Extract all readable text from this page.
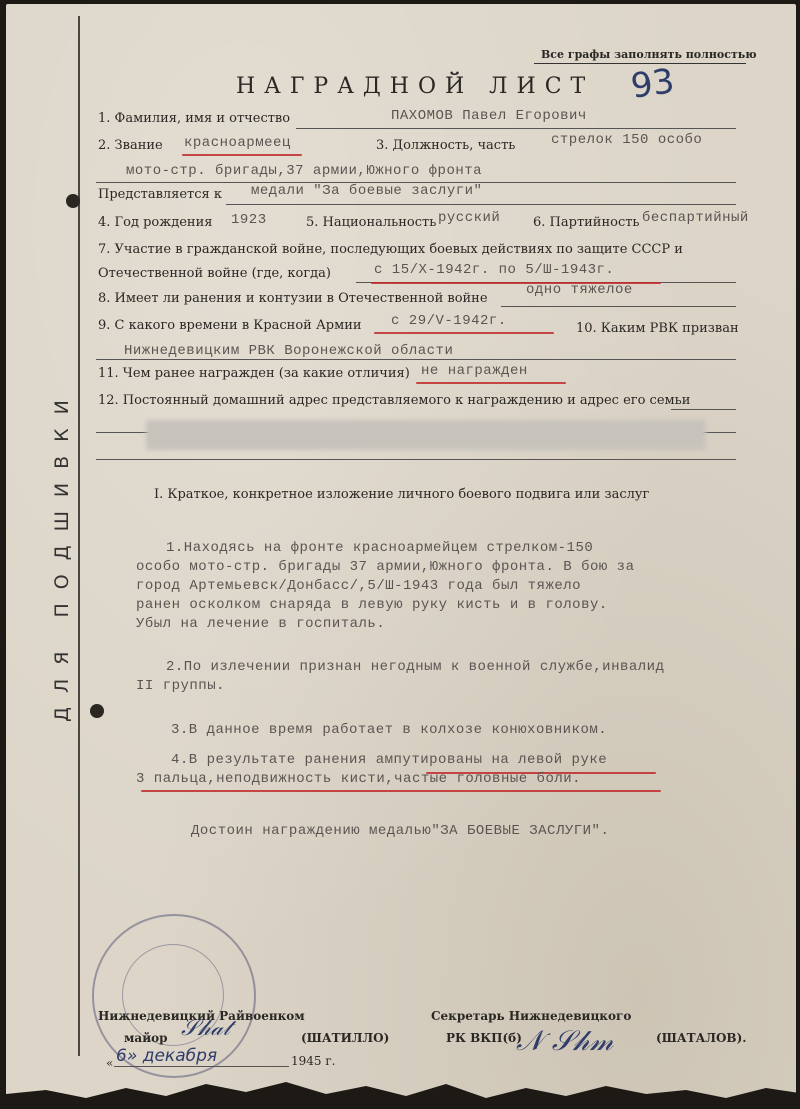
ДЛЯ ПОДШИВКИ
Все графы заполнять полностью
НАГРАДНОЙ ЛИСТ 93
1. Фамилия, имя и отчество	ПАХОМОВ Павел Егорович
2. Звание красноармеец	3. Должность, часть	стрелок 150 особо
мото-стр. бригады,37 армии,Южного фронта
Представляется к медали "За боевые заслуги"
4. Год рождения 1923	5. Национальность русский	6. Партийность беспартийный
7. Участие в гражданской войне, последующих боевых действиях по защите СССР и
Отечественной войне (где, когда)	с 15/Х-1942г. по 5/Ш-1943г.
8. Имеет ли ранения и контузии в Отечественной войне
одно тяжелое
9. С какого времени в Красной Армии с 29/V-1942г.	10. Каким РВК призван
Нижнедевицким РВК Воронежской области
11. Чем ранее награжден (за какие отличия) не награжден
12. Постоянный домашний адрес представляемого к награждению и адрес его семьи
I. Краткое, конкретное изложение личного боевого подвига или заслуг
1.Находясь на фронте красноармейцем стрелком-150
особо мото-стр. бригады 37 армии,Южного фронта. В бою за
город Артемьевск/Донбасс/,5/Ш-1943 года был тяжело
ранен осколком снаряда в левую руку кисть и в голову.
Убыл на лечение в госпиталь.
2.По излечении признан негодным к военной службе,инвалид
II группы.
3.В данное время работает в колхозе конюховником.
4.В результате ранения ампутированы на левой руке
3 пальца,неподвижность кисти,частые головные боли.
Достоин награждению медалью"ЗА БОЕВЫЕ ЗАСЛУГИ".
Нижнедевицкий Райвоенком
майор 𝒮𝒽𝒶𝓉	(ШАТИЛЛО)
« 6» декабря	1945 г.
Секретарь Нижнедевицкого
РК ВКП(б)
𝒩 𝒮𝒽𝓂	(ШАТАЛОВ).
